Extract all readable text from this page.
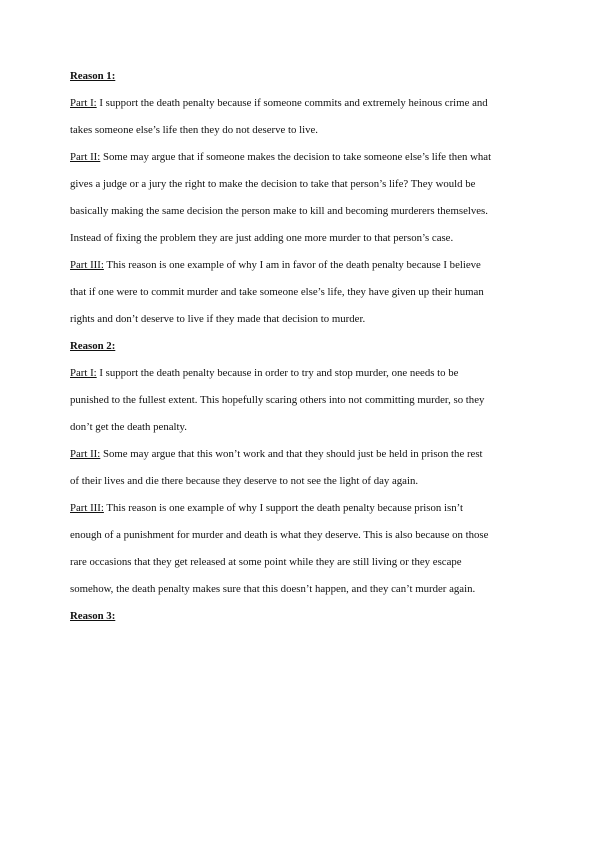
Reason 1:
Part I: I support the death penalty because if someone commits and extremely heinous crime and
takes someone else’s life then they do not deserve to live.
Part II: Some may argue that if someone makes the decision to take someone else’s life then what
gives a judge or a jury the right to make the decision to take that person’s life? They would be
basically making the same decision the person make to kill and becoming murderers themselves.
Instead of fixing the problem they are just adding one more murder to that person’s case.
Part III: This reason is one example of why I am in favor of the death penalty because I believe
that if one were to commit murder and take someone else’s life, they have given up their human
rights and don’t deserve to live if they made that decision to murder.
Reason 2:
Part I: I support the death penalty because in order to try and stop murder, one needs to be
punished to the fullest extent. This hopefully scaring others into not committing murder, so they
don’t get the death penalty.
Part II: Some may argue that this won’t work and that they should just be held in prison the rest
of their lives and die there because they deserve to not see the light of day again.
Part III: This reason is one example of why I support the death penalty because prison isn’t
enough of a punishment for murder and death is what they deserve. This is also because on those
rare occasions that they get released at some point while they are still living or they escape
somehow, the death penalty makes sure that this doesn’t happen, and they can’t murder again.
Reason 3:
